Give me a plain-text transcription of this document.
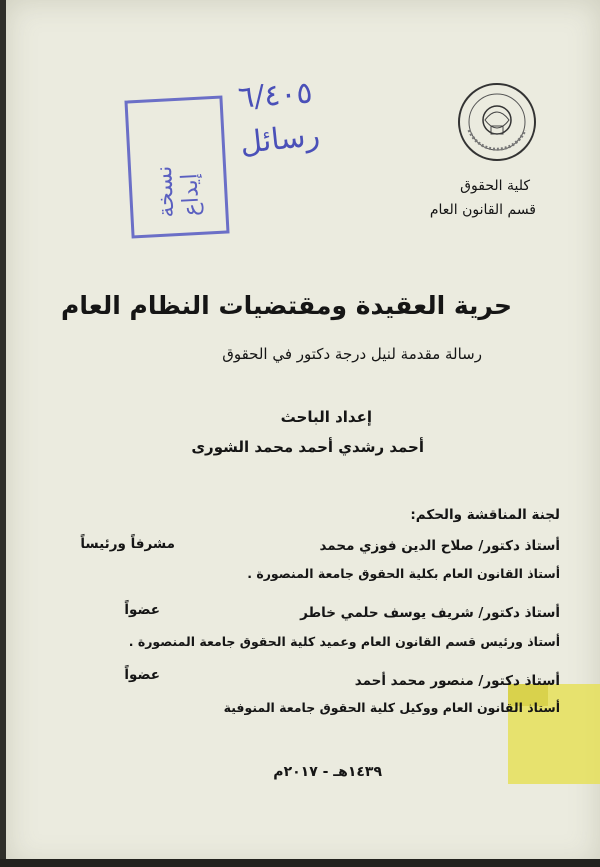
كلية الحقوق
قسم القانون العام
نسخة إيداع
٦/٤٠٥
رسائل
حرية العقيدة ومقتضيات النظام العام
رسالة مقدمة لنيل درجة دكتور في الحقوق
إعداد الباحث
أحمد رشدي أحمد محمد الشورى
لجنة المناقشة والحكم:
أستاذ دكتور/ صلاح الدين فوزي محمد
مشرفاً ورئيساً
أستاذ القانون العام بكلية الحقوق جامعة المنصورة .
أستاذ دكتور/ شريف يوسف حلمي خاطر
عضواً
أستاذ ورئيس قسم القانون العام وعميد كلية الحقوق جامعة المنصورة .
أستاذ دكتور/ منصور محمد أحمد
عضواً
أستاذ القانون العام ووكيل كلية الحقوق جامعة المنوفية
١٤٣٩هـ - ٢٠١٧م
